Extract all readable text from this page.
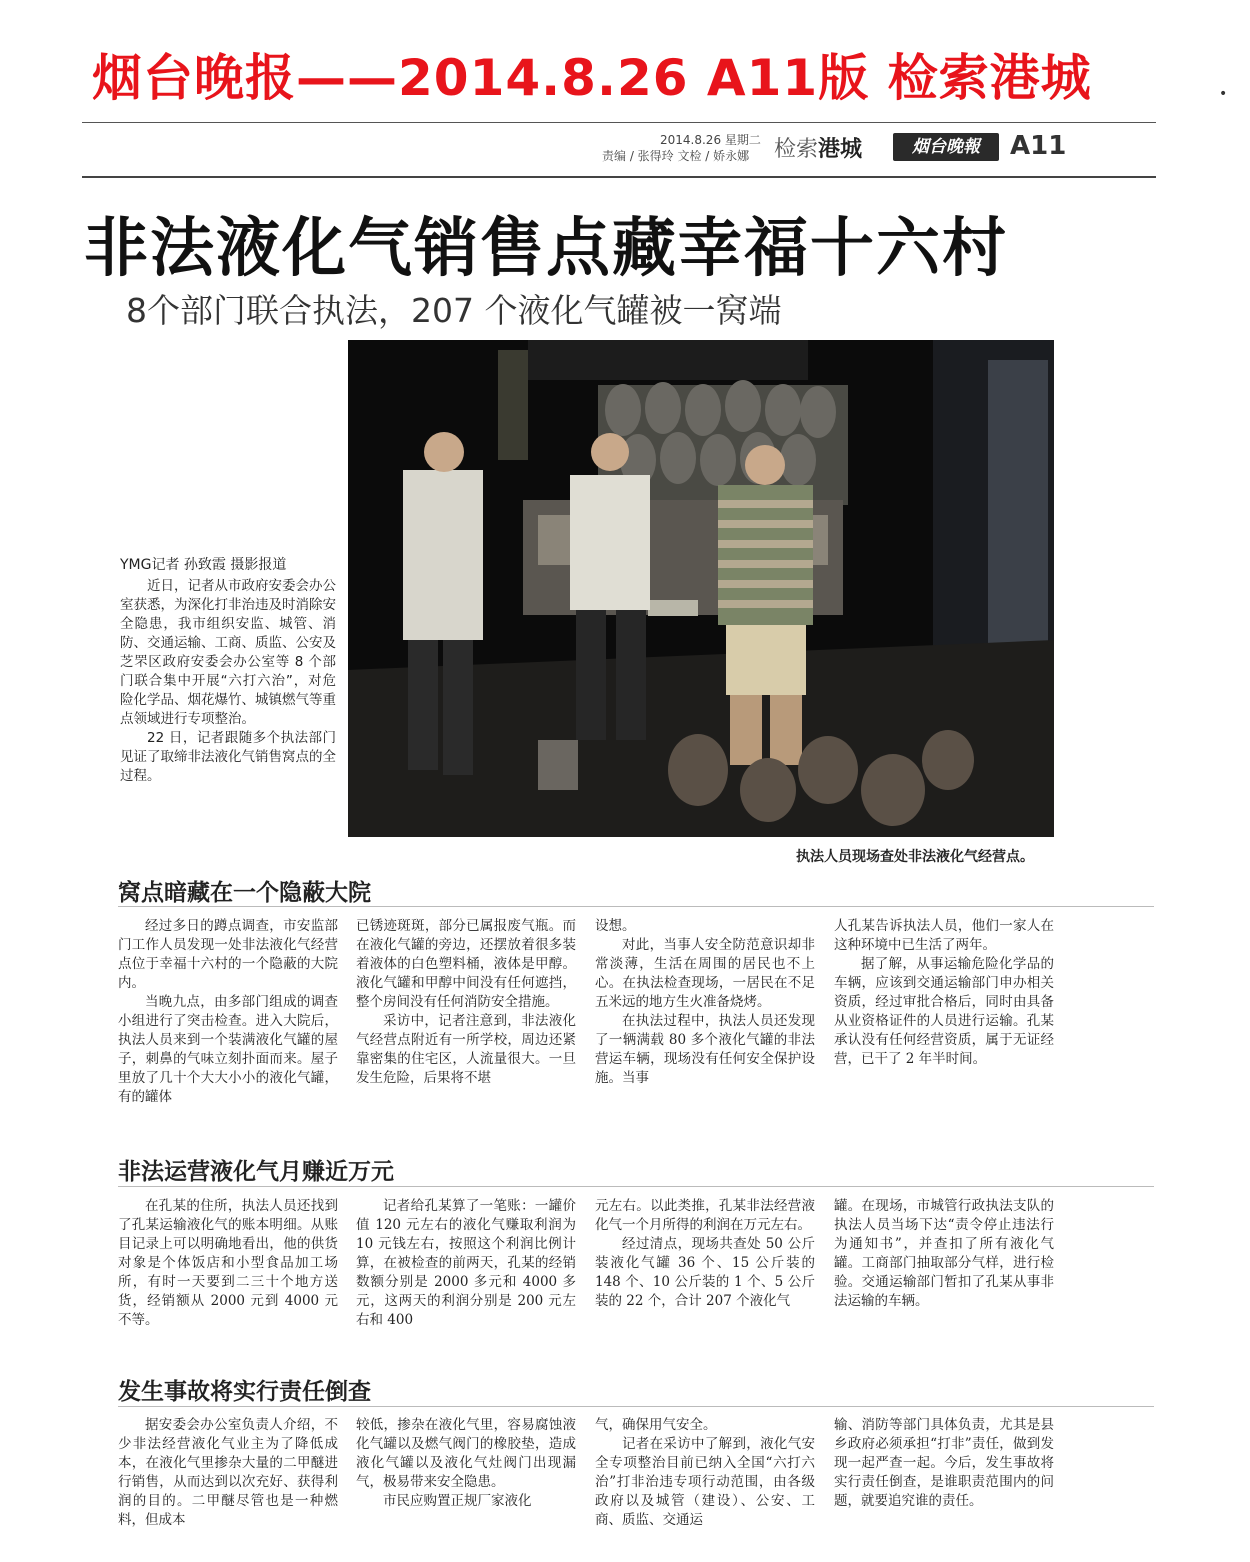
烟台晚报——2014.8.26 A11版 检索港城	•
2014.8.26 星期二
责编 / 张得玲 文检 / 娇永娜 检索港城	烟台晚報	A11
非法液化气销售点藏幸福十六村
8个部门联合执法，207 个液化气罐被一窝端
执法人员现场查处非法液化气经营点。
YMG记者 孙致霞 摄影报道

近日，记者从市政府安委会办公室获悉，为深化打非治违及时消除安全隐患，我市组织安监、城管、消防、交通运输、工商、质监、公安及芝罘区政府安委会办公室等 8 个部门联合集中开展“六打六治”，对危险化学品、烟花爆竹、城镇燃气等重点领域进行专项整治。

22 日，记者跟随多个执法部门见证了取缔非法液化气销售窝点的全过程。

窝点暗藏在一个隐蔽大院

经过多日的蹲点调查，市安监部门工作人员发现一处非法液化气经营点位于幸福十六村的一个隐蔽的大院内。

当晚九点，由多部门组成的调查小组进行了突击检查。进入大院后，执法人员来到一个装满液化气罐的屋子，刺鼻的气味立刻扑面而来。屋子里放了几十个大大小小的液化气罐，有的罐体

已锈迹斑斑，部分已属报废气瓶。而在液化气罐的旁边，还摆放着很多装着液体的白色塑料桶，液体是甲醇。液化气罐和甲醇中间没有任何遮挡，整个房间没有任何消防安全措施。

采访中，记者注意到，非法液化气经营点附近有一所学校，周边还紧靠密集的住宅区，人流量很大。一旦发生危险，后果将不堪

设想。

对此，当事人安全防范意识却非常淡薄，生活在周围的居民也不上心。在执法检查现场，一居民在不足五米远的地方生火准备烧烤。

在执法过程中，执法人员还发现了一辆满载 80 多个液化气罐的非法营运车辆，现场没有任何安全保护设施。当事

人孔某告诉执法人员，他们一家人在这种环境中已生活了两年。

据了解，从事运输危险化学品的车辆，应该到交通运输部门申办相关资质，经过审批合格后，同时由具备从业资格证件的人员进行运输。孔某承认没有任何经营资质，属于无证经营，已干了 2 年半时间。

非法运营液化气月赚近万元

在孔某的住所，执法人员还找到了孔某运输液化气的账本明细。从账目记录上可以明确地看出，他的供货对象是个体饭店和小型食品加工场所，有时一天要到二三十个地方送货，经销额从 2000 元到 4000 元不等。

记者给孔某算了一笔账：一罐价值 120 元左右的液化气赚取利润为 10 元钱左右，按照这个利润比例计算，在被检查的前两天，孔某的经销数额分别是 2000 多元和 4000 多元，这两天的利润分别是 200 元左右和 400

元左右。以此类推，孔某非法经营液化气一个月所得的利润在万元左右。

经过清点，现场共查处 50 公斤装液化气罐 36 个、15 公斤装的 148 个、10 公斤装的 1 个、5 公斤装的 22 个，合计 207 个液化气

罐。在现场，市城管行政执法支队的执法人员当场下达“责令停止违法行为通知书”，并查扣了所有液化气罐。工商部门抽取部分气样，进行检验。交通运输部门暂扣了孔某从事非法运输的车辆。

发生事故将实行责任倒查

据安委会办公室负责人介绍，不少非法经营液化气业主为了降低成本，在液化气里掺杂大量的二甲醚进行销售，从而达到以次充好、获得利润的目的。二甲醚尽管也是一种燃料，但成本

较低，掺杂在液化气里，容易腐蚀液化气罐以及燃气阀门的橡胶垫，造成液化气罐以及液化气灶阀门出现漏气，极易带来安全隐患。

市民应购置正规厂家液化

气，确保用气安全。

记者在采访中了解到，液化气安全专项整治目前已纳入全国“六打六治”打非治违专项行动范围，由各级政府以及城管（建设）、公安、工商、质监、交通运

输、消防等部门具体负责，尤其是县乡政府必须承担“打非”责任，做到发现一起严查一起。今后，发生事故将实行责任倒查，是谁职责范围内的问题，就要追究谁的责任。
